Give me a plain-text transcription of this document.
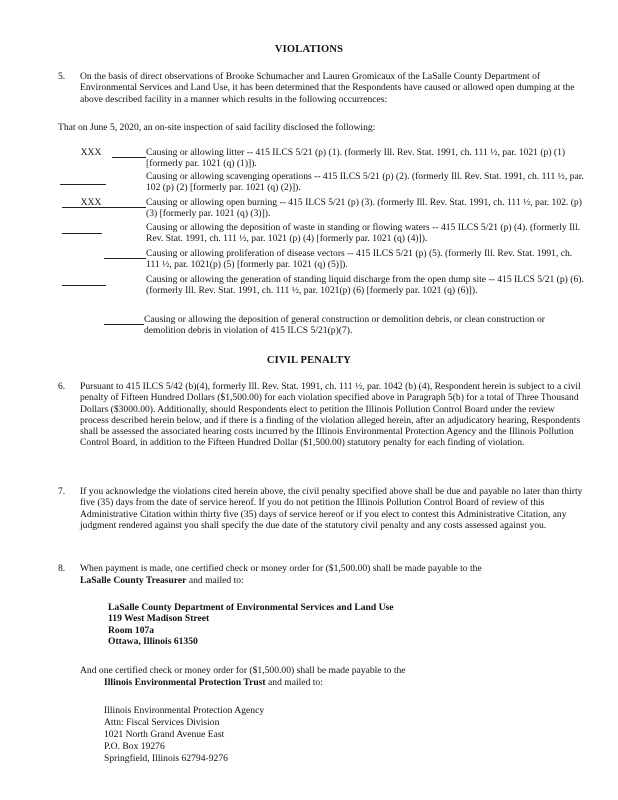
VIOLATIONS
5. On the basis of direct observations of Brooke Schumacher and Lauren Gromicaux of the LaSalle County Department of Environmental Services and Land Use, it has been determined that the Respondents have caused or allowed open dumping at the above described facility in a manner which results in the following occurrences:
That on June 5, 2020, an on-site inspection of said facility disclosed the following:
XXX	Causing or allowing litter -- 415 ILCS 5/21 (p) (1). (formerly Ill. Rev. Stat. 1991, ch. 111 ½, par. 1021 (p) (1) [formerly par. 1021 (q) (1)]).
Causing or allowing scavenging operations -- 415 ILCS 5/21 (p) (2). (formerly Ill. Rev. Stat. 1991, ch. 111 ½, par. 102 (p) (2) [formerly par. 1021 (q) (2)]).
XXX	Causing or allowing open burning -- 415 ILCS 5/21 (p) (3). (formerly Ill. Rev. Stat. 1991, ch. 111 ½, par. 102. (p) (3) [formerly par. 1021 (q) (3)]).
Causing or allowing the deposition of waste in standing or flowing waters -- 415 ILCS 5/21 (p) (4). (formerly Ill. Rev. Stat. 1991, ch. 111 ½, par. 1021 (p) (4) [formerly par. 1021 (q) (4)]).
Causing or allowing proliferation of disease vectors -- 415 ILCS 5/21 (p) (5). (formerly Ill. Rev. Stat. 1991, ch. 111 ½, par. 1021(p) (5) [formerly par. 1021 (q) (5)]).
Causing or allowing the generation of standing liquid discharge from the open dump site -- 415 ILCS 5/21 (p) (6). (formerly Ill. Rev. Stat. 1991, ch. 111 ½, par. 1021(p) (6) [formerly par. 1021 (q) (6)]).
Causing or allowing the deposition of general construction or demolition debris, or clean construction or demolition debris in violation of 415 ILCS 5/21(p)(7).
CIVIL PENALTY
6. Pursuant to 415 ILCS 5/42 (b)(4), formerly Ill. Rev. Stat. 1991, ch. 111 ½, par. 1042 (b) (4), Respondent herein is subject to a civil penalty of Fifteen Hundred Dollars ($1,500.00) for each violation specified above in Paragraph 5(b) for a total of Three Thousand Dollars ($3000.00). Additionally, should Respondents elect to petition the Illinois Pollution Control Board under the review process described herein below, and if there is a finding of the violation alleged herein, after an adjudicatory hearing, Respondents shall be assessed the associated hearing costs incurred by the Illinois Environmental Protection Agency and the Illinois Pollution Control Board, in addition to the Fifteen Hundred Dollar ($1,500.00) statutory penalty for each finding of violation.
7. If you acknowledge the violations cited herein above, the civil penalty specified above shall be due and payable no later than thirty five (35) days from the date of service hereof. If you do not petition the Illinois Pollution Control Board of review of this Administrative Citation within thirty five (35) days of service hereof or if you elect to contest this Administrative Citation, any judgment rendered against you shall specify the due date of the statutory civil penalty and any costs assessed against you.
8. When payment is made, one certified check or money order for ($1,500.00) shall be made payable to the
LaSalle County Treasurer and mailed to:
LaSalle County Department of Environmental Services and Land Use
119 West Madison Street
Room 107a
Ottawa, Illinois 61350
And one certified check or money order for ($1,500.00) shall be made payable to the
Illinois Environmental Protection Trust and mailed to:
Illinois Environmental Protection Agency
Attn: Fiscal Services Division
1021 North Grand Avenue East
P.O. Box 19276
Springfield, Illinois 62794-9276
